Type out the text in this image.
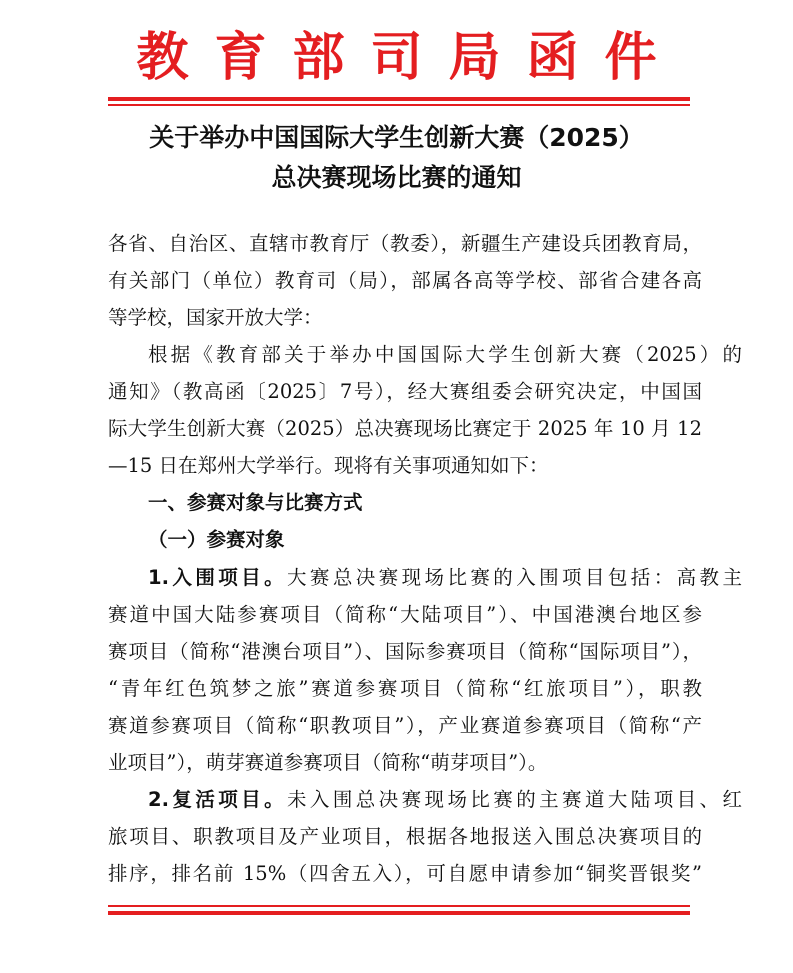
教育部司局函件
关于举办中国国际大学生创新大赛（2025）
总决赛现场比赛的通知
各省、自治区、直辖市教育厅（教委），新疆生产建设兵团教育局，
有关部门（单位）教育司（局），部属各高等学校、部省合建各高
等学校，国家开放大学：
根据《教育部关于举办中国国际大学生创新大赛（2025）的
通知》（教高函〔2025〕7号），经大赛组委会研究决定，中国国
际大学生创新大赛（2025）总决赛现场比赛定于 2025 年 10 月 12
—15 日在郑州大学举行。现将有关事项通知如下：
一、参赛对象与比赛方式
（一）参赛对象
1.入围项目。大赛总决赛现场比赛的入围项目包括：高教主
赛道中国大陆参赛项目（简称“大陆项目”）、中国港澳台地区参
赛项目（简称“港澳台项目”）、国际参赛项目（简称“国际项目”），
“青年红色筑梦之旅”赛道参赛项目（简称“红旅项目”），职教
赛道参赛项目（简称“职教项目”），产业赛道参赛项目（简称“产
业项目”），萌芽赛道参赛项目（简称“萌芽项目”）。
2.复活项目。未入围总决赛现场比赛的主赛道大陆项目、红
旅项目、职教项目及产业项目，根据各地报送入围总决赛项目的
排序，排名前 15%（四舍五入），可自愿申请参加“铜奖晋银奖”
